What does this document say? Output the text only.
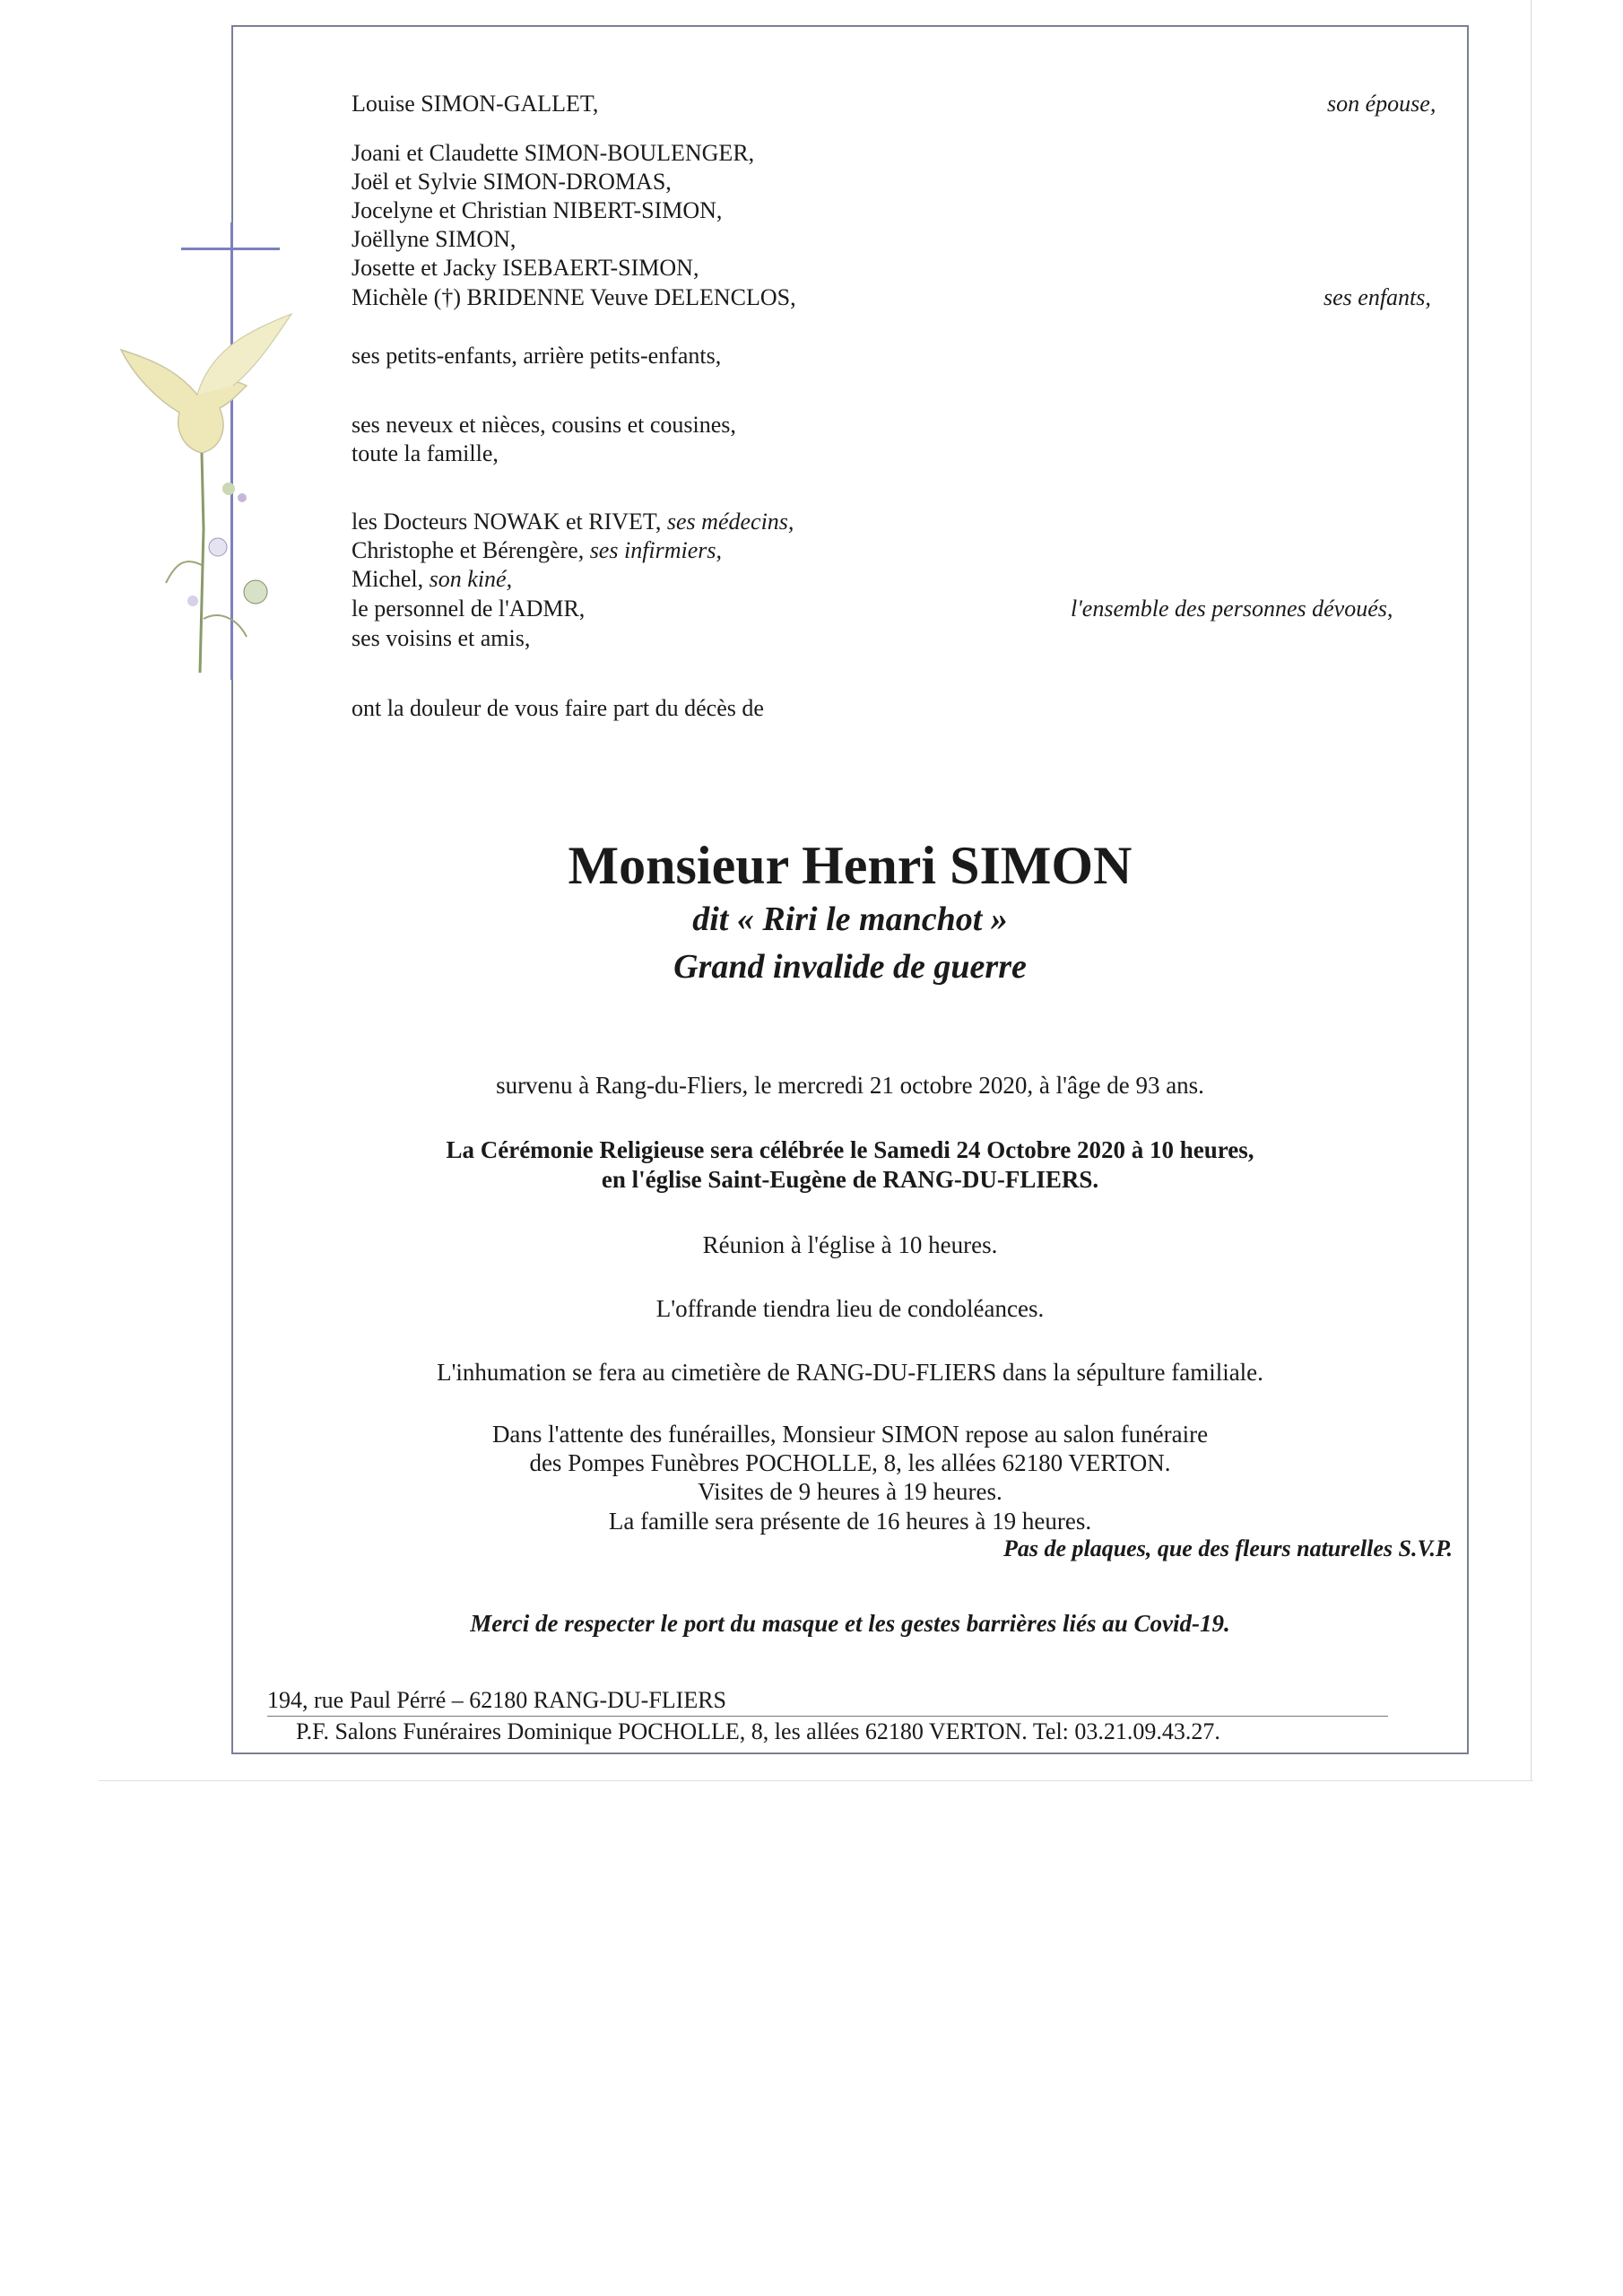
Louise SIMON-GALLET,	son épouse,
Joani et Claudette SIMON-BOULENGER,
Joël et Sylvie SIMON-DROMAS,
Jocelyne et Christian NIBERT-SIMON,
Joëllyne SIMON,
Josette et Jacky ISEBAERT-SIMON,
Michèle (†) BRIDENNE Veuve DELENCLOS,	ses enfants,
ses petits-enfants, arrière petits-enfants,
ses neveux et nièces, cousins et cousines,
toute la famille,
les Docteurs NOWAK et RIVET, ses médecins,
Christophe et Bérengère, ses infirmiers,
Michel, son kiné,
le personnel de l'ADMR,	l'ensemble des personnes dévoués,
ses voisins et amis,
ont la douleur de vous faire part du décès de
Monsieur Henri SIMON
dit « Riri le manchot »
Grand invalide de guerre
survenu à Rang-du-Fliers, le mercredi 21 octobre 2020, à l'âge de 93 ans.
La Cérémonie Religieuse sera célébrée le Samedi 24 Octobre 2020 à 10 heures,
en l'église Saint-Eugène de RANG-DU-FLIERS.
Réunion à l'église à 10 heures.
L'offrande tiendra lieu de condoléances.
L'inhumation se fera au cimetière de RANG-DU-FLIERS dans la sépulture familiale.
Dans l'attente des funérailles, Monsieur SIMON repose au salon funéraire
des Pompes Funèbres POCHOLLE, 8, les allées 62180 VERTON.
Visites de 9 heures à 19 heures.
La famille sera présente de 16 heures à 19 heures.
Pas de plaques, que des fleurs naturelles S.V.P.
Merci de respecter le port du masque et les gestes barrières liés au Covid-19.
194, rue Paul Pérré – 62180 RANG-DU-FLIERS
P.F. Salons Funéraires Dominique POCHOLLE, 8, les allées 62180 VERTON. Tel: 03.21.09.43.27.
